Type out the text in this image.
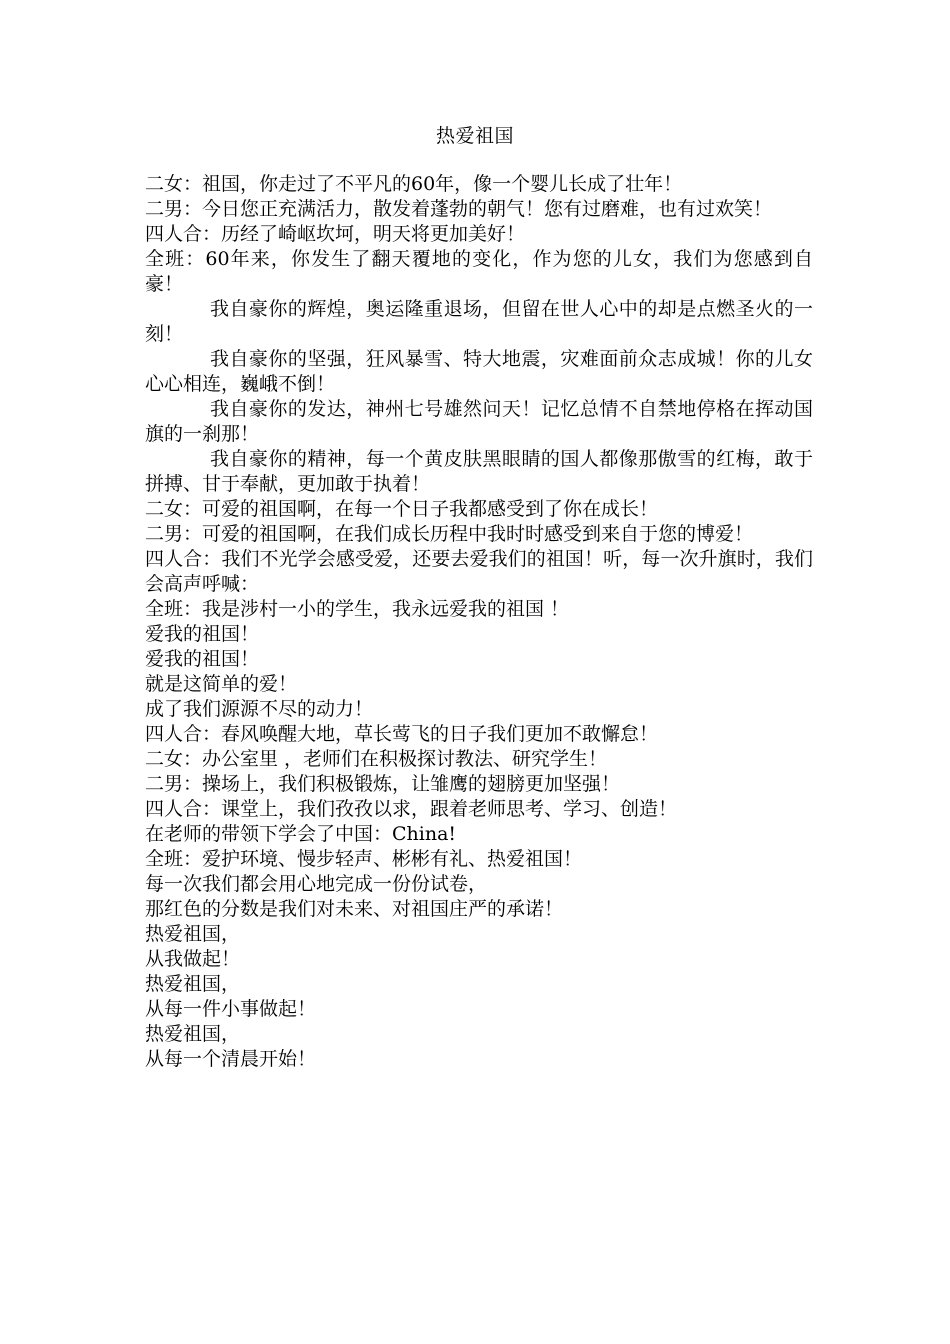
热爱祖国

二女：祖国，你走过了不平凡的60年，像一个婴儿长成了壮年！

二男：今日您正充满活力，散发着蓬勃的朝气！您有过磨难，也有过欢笑！

四人合：历经了崎岖坎坷，明天将更加美好！

全班：60年来，你发生了翻天覆地的变化，作为您的儿女，我们为您感到自豪！

我自豪你的辉煌，奥运隆重退场，但留在世人心中的却是点燃圣火的一刻！

我自豪你的坚强，狂风暴雪、特大地震，灾难面前众志成城！你的儿女心心相连，巍峨不倒！

我自豪你的发达，神州七号雄然问天！记忆总情不自禁地停格在挥动国旗的一刹那！

我自豪你的精神，每一个黄皮肤黑眼睛的国人都像那傲雪的红梅，敢于拼搏、甘于奉献，更加敢于执着！

二女：可爱的祖国啊，在每一个日子我都感受到了你在成长！

二男：可爱的祖国啊，在我们成长历程中我时时感受到来自于您的博爱！

四人合：我们不光学会感受爱，还要去爱我们的祖国！听，每一次升旗时，我们会高声呼喊：

全班：我是涉村一小的学生，我永远爱我的祖国 ！

爱我的祖国！

爱我的祖国！

就是这简单的爱！

成了我们源源不尽的动力！

四人合：春风唤醒大地，草长莺飞的日子我们更加不敢懈怠！

二女：办公室里 ，老师们在积极探讨教法、研究学生！

二男：操场上，我们积极锻炼，让雏鹰的翅膀更加坚强！

四人合：课堂上，我们孜孜以求，跟着老师思考、学习、创造！

在老师的带领下学会了中国：China!

全班：爱护环境、慢步轻声、彬彬有礼、热爱祖国！

每一次我们都会用心地完成一份份试卷，

那红色的分数是我们对未来、对祖国庄严的承诺！

热爱祖国，

从我做起！

热爱祖国，

从每一件小事做起！

热爱祖国，

从每一个清晨开始！
